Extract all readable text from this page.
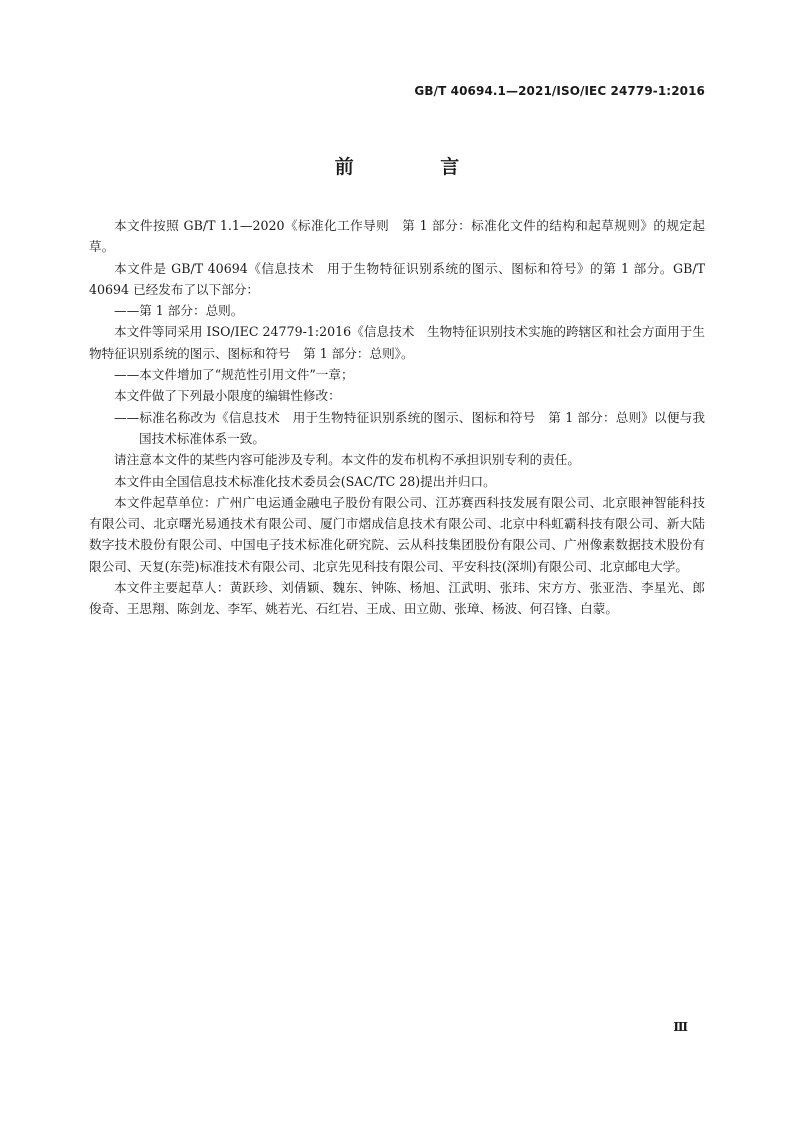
GB/T 40694.1—2021/ISO/IEC 24779-1:2016
前 言

本文件按照 GB/T 1.1—2020《标准化工作导则　第 1 部分：标准化文件的结构和起草规则》的规定起草。

本文件是 GB/T 40694《信息技术　用于生物特征识别系统的图示、图标和符号》的第 1 部分。GB/T 40694 已经发布了以下部分：

——第 1 部分：总则。

本文件等同采用 ISO/IEC 24779-1:2016《信息技术　生物特征识别技术实施的跨辖区和社会方面用于生物特征识别系统的图示、图标和符号　第 1 部分：总则》。

——本文件增加了“规范性引用文件”一章；

本文件做了下列最小限度的编辑性修改：

——标准名称改为《信息技术　用于生物特征识别系统的图示、图标和符号　第 1 部分：总则》以便与我国技术标准体系一致。

请注意本文件的某些内容可能涉及专利。本文件的发布机构不承担识别专利的责任。

本文件由全国信息技术标准化技术委员会(SAC/TC 28)提出并归口。

本文件起草单位：广州广电运通金融电子股份有限公司、江苏赛西科技发展有限公司、北京眼神智能科技有限公司、北京曙光易通技术有限公司、厦门市熠成信息技术有限公司、北京中科虹霸科技有限公司、新大陆数字技术股份有限公司、中国电子技术标准化研究院、云从科技集团股份有限公司、广州像素数据技术股份有限公司、天复(东莞)标准技术有限公司、北京先见科技有限公司、平安科技(深圳)有限公司、北京邮电大学。

本文件主要起草人：黄跃珍、刘倩颖、魏东、钟陈、杨旭、江武明、张玮、宋方方、张亚浩、李星光、郎俊奇、王思翔、陈剑龙、李军、姚若光、石红岩、王成、田立勋、张璋、杨波、何召锋、白蒙。

Ⅲ
